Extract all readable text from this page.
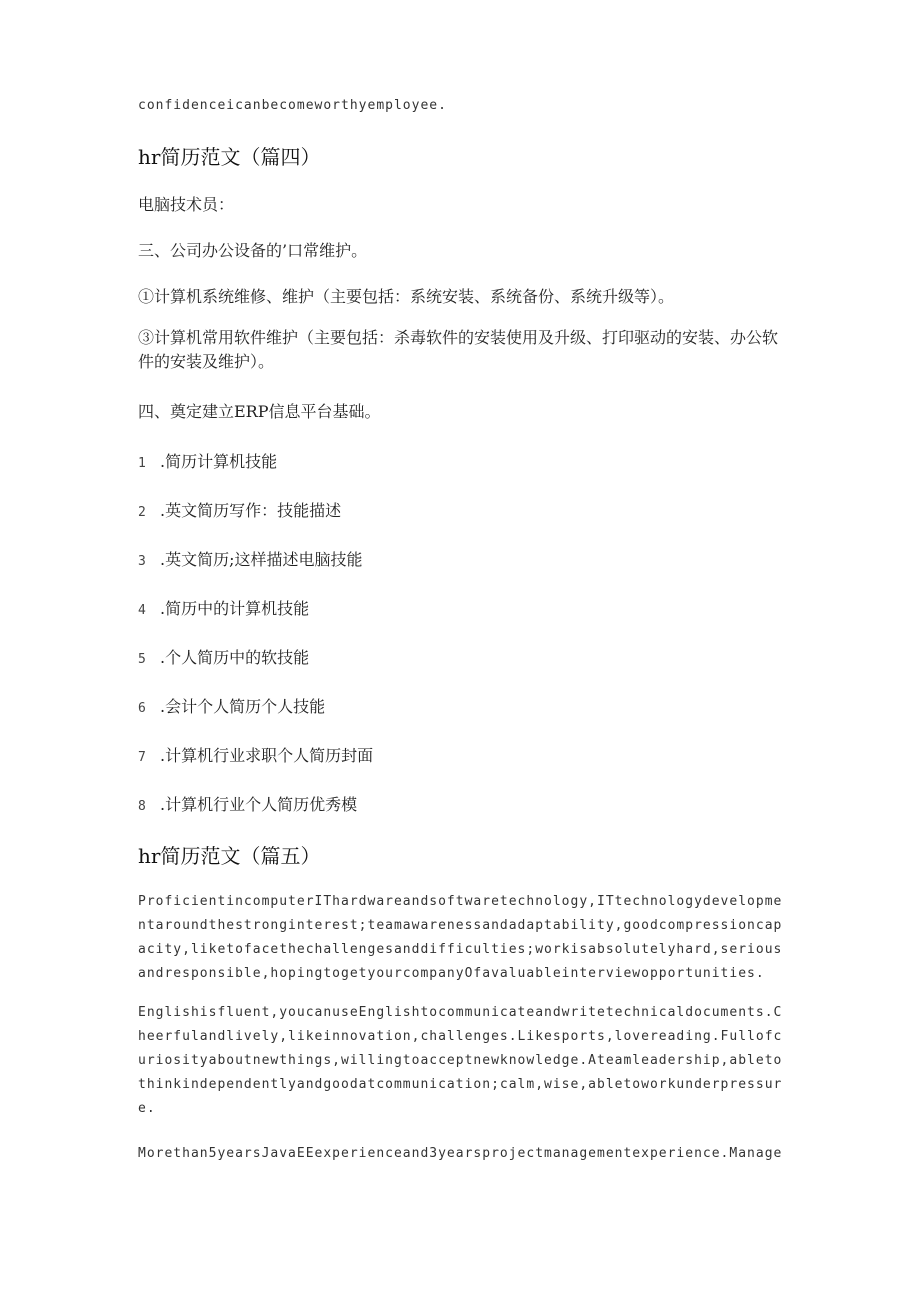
confidenceicanbecomeworthyemployee.

hr简历范文（篇四）

电脑技术员：

三、公司办公设备的’口常维护。

①计算机系统维修、维护（主要包括：系统安装、系统备份、系统升级等）。

③计算机常用软件维护（主要包括：杀毒软件的安装使用及升级、打印驱动的安装、办公软件的安装及维护）。

四、奠定建立ERP信息平台基础。

1 .简历计算机技能

2 .英文简历写作：技能描述

3 .英文简历;这样描述电脑技能

4 .简历中的计算机技能

5 .个人简历中的软技能

6 .会计个人简历个人技能

7 .计算机行业求职个人简历封面

8 .计算机行业个人简历优秀模

hr简历范文（篇五）

ProficientincomputerIThardwareandsoftwaretechnology,ITtechnologydevelopmentaroundthestronginterest;teamawarenessandadaptability,goodcompressioncapacity,liketofacethechallengesanddifficulties;workisabsolutelyhard,seriousandresponsible,hopingtogetyourcompanyOfavaluableinterviewopportunities.

Englishisfluent,youcanuseEnglishtocommunicateandwritetechnicaldocuments.Cheerfulandlively,likeinnovation,challenges.Likesports,lovereading.Fullofcuriosityaboutnewthings,willingtoacceptnewknowledge.Ateamleadership,abletothinkindependentlyandgoodatcommunication;calm,wise,abletoworkunderpressure.

Morethan5yearsJavaEEexperienceand3yearsprojectmanagementexperience.Manage
